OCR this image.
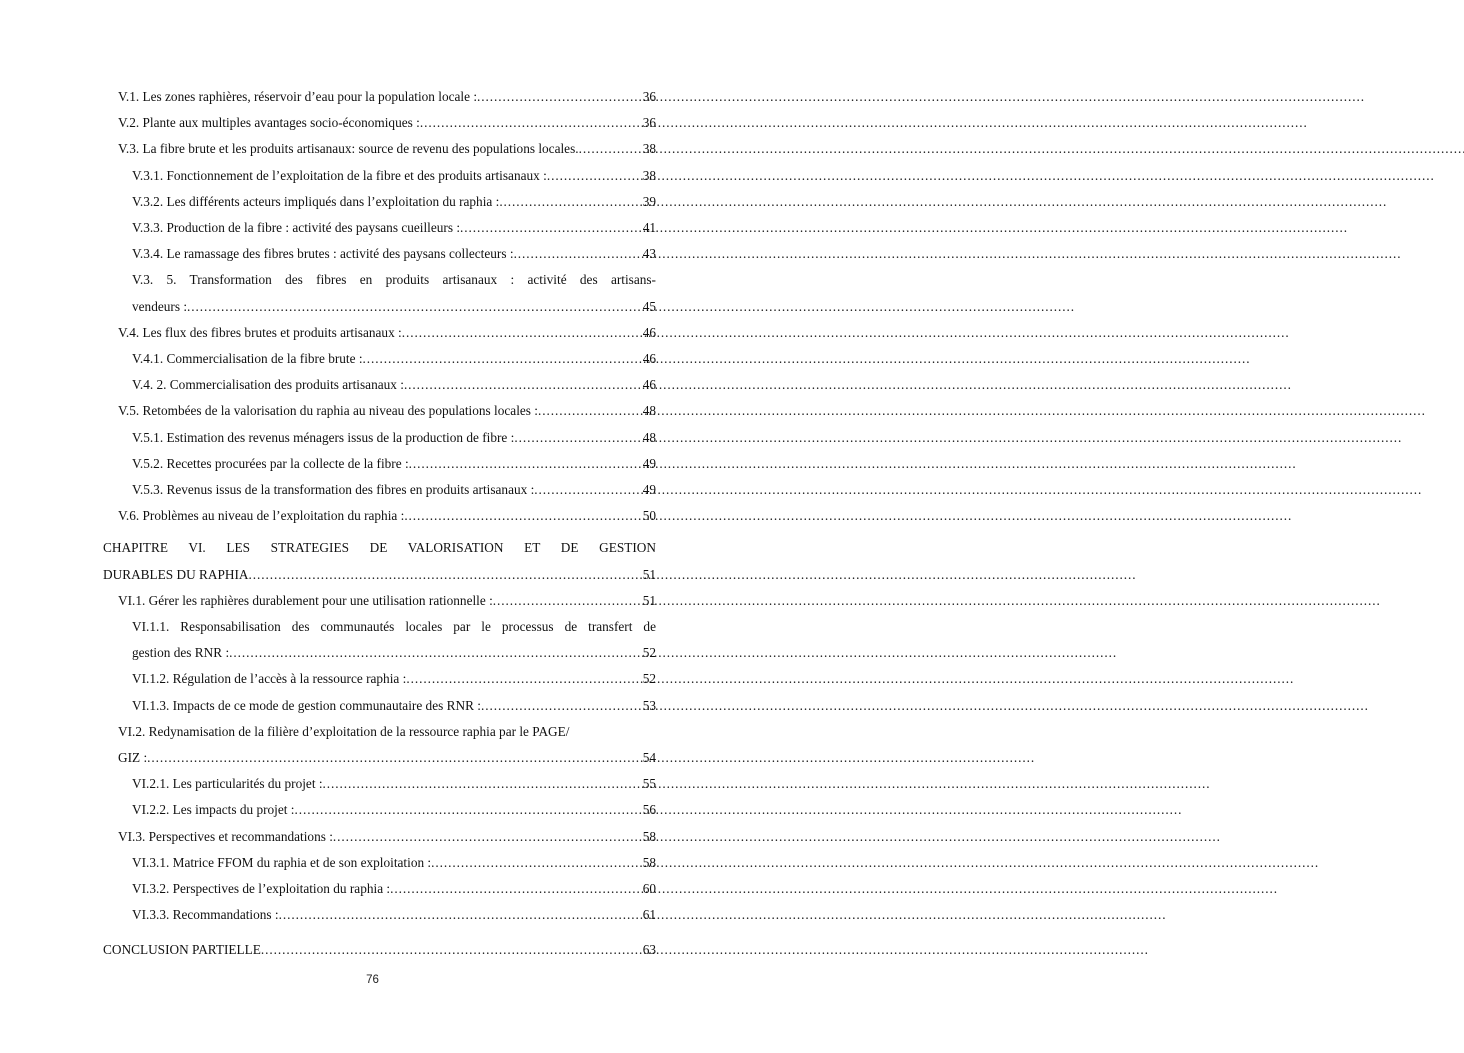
V.1. Les zones raphières, réservoir d’eau pour la population locale : . . .	36
V.2. Plante aux multiples avantages socio-économiques : . . .	36
V.3. La fibre brute et les produits artisanaux: source de revenu des populations locales. . . .	38
V.3.1. Fonctionnement de l’exploitation de la fibre et des produits artisanaux : . . .	38
V.3.2. Les différents acteurs impliqués dans l’exploitation du raphia : . . .	39
V.3.3. Production de la fibre : activité des paysans cueilleurs : . . .	41
V.3.4. Le ramassage des fibres brutes : activité des paysans collecteurs : . . .	43
V.3. 5. Transformation des fibres en produits artisanaux : activité des artisans-
vendeurs : . . .	45
V.4. Les flux des fibres brutes et produits artisanaux : . . .	46
V.4.1. Commercialisation de la fibre brute : . . .	46
V.4. 2. Commercialisation des produits artisanaux : . . .	46
V.5. Retombées de la valorisation du raphia au niveau des populations locales : . . .	48
V.5.1. Estimation des revenus ménagers issus de la production de fibre : . . .	48
V.5.2. Recettes procurées par la collecte de la fibre : . . .	49
V.5.3. Revenus issus de la transformation des fibres en produits artisanaux : . . .	49
V.6. Problèmes au niveau de l’exploitation du raphia : . . .	50
CHAPITRE VI. LES STRATEGIES DE VALORISATION ET DE GESTION
DURABLES DU RAPHIA . . .	51
VI.1. Gérer les raphières durablement pour une utilisation rationnelle : . . .	51
VI.1.1. Responsabilisation des communautés locales par le processus de transfert de
gestion des RNR : . . .	52
VI.1.2. Régulation de l’accès à la ressource raphia : . . .	52
VI.1.3. Impacts de ce mode de gestion communautaire des RNR : . . .	53
VI.2. Redynamisation de la filière d’exploitation de la ressource raphia par le PAGE/
GIZ : . . .	54
VI.2.1. Les particularités du projet : . . .	55
VI.2.2. Les impacts du projet : . . .	56
VI.3. Perspectives et recommandations : . . .	58
VI.3.1. Matrice FFOM du raphia et de son exploitation : . . .	58
VI.3.2. Perspectives de l’exploitation du raphia : . . .	60
VI.3.3. Recommandations : . . .	61
CONCLUSION PARTIELLE . . .	63
76
